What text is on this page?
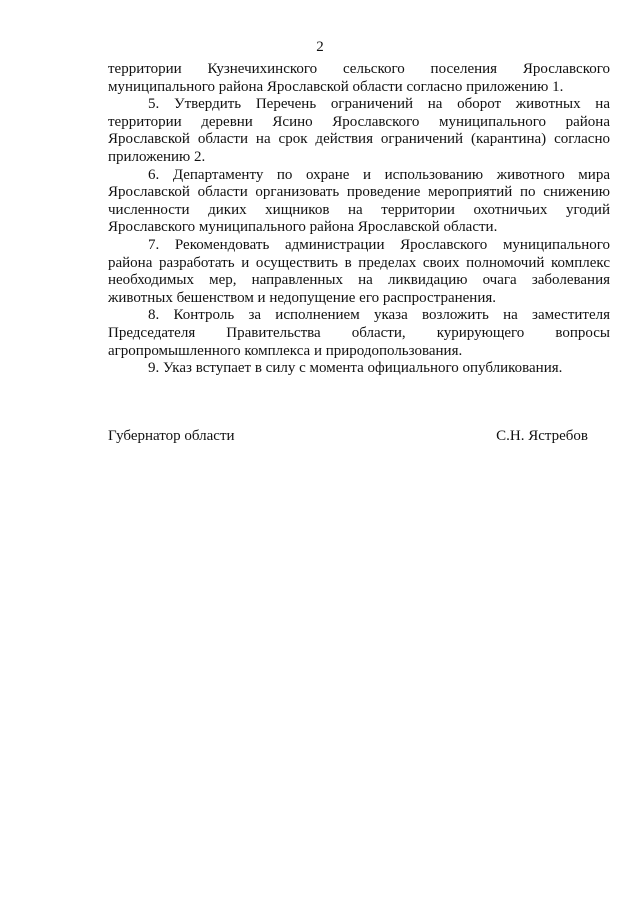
2

территории Кузнечихинского сельского поселения Ярославского муниципального района Ярославской области согласно приложению 1.

5. Утвердить Перечень ограничений на оборот животных на территории деревни Ясино Ярославского муниципального района Ярославской области на срок действия ограничений (карантина) согласно приложению 2.

6. Департаменту по охране и использованию животного мира Ярославской области организовать проведение мероприятий по снижению численности диких хищников на территории охотничьих угодий Ярославского муниципального района Ярославской области.

7. Рекомендовать администрации Ярославского муниципального района разработать и осуществить в пределах своих полномочий комплекс необходимых мер, направленных на ликвидацию очага заболевания животных бешенством и недопущение его распространения.

8. Контроль за исполнением указа возложить на заместителя Председателя Правительства области, курирующего вопросы агропромышленного комплекса и природопользования.

9. Указ вступает в силу с момента официального опубликования.

Губернатор области	С.Н. Ястребов
